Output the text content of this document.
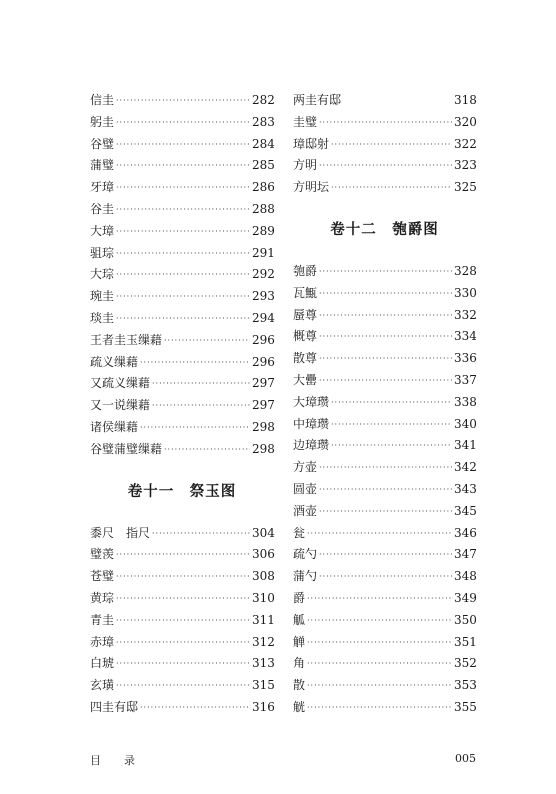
信圭 ·····	282
躬圭 ·····	283
谷璧 ·····	284
蒲璧 ·····	285
牙璋 ·····	286
谷圭 ·····	288
大璋 ·····	289
驵琮 ·····	291
大琮 ·····	292
琬圭 ·····	293
琰圭 ·····	294
王者圭玉缫藉 ·····	296
疏义缫藉 ·····	296
又疏义缫藉 ·····	297
又一说缫藉 ·····	297
诸侯缫藉 ·····	298
谷璧蒲璧缫藉 ·····	298
卷十一　祭玉图
黍尺　指尺 ·····	304
璧羡 ·····	306
苍璧 ·····	308
黄琮 ·····	310
青圭 ·····	311
赤璋 ·····	312
白琥 ·····	313
玄璜 ·····	315
四圭有邸 ·····	316
两圭有邸	318
圭璧 ·····	320
璋邸射 ·····	322
方明 ·····	323
方明坛 ·····	325
卷十二　匏爵图
匏爵 ·····	328
瓦甒 ·····	330
蜃尊 ·····	332
概尊 ·····	334
散尊 ·····	336
大罍 ·····	337
大璋瓒 ·····	338
中璋瓒 ·····	340
边璋瓒 ·····	341
方壶 ·····	342
圆壶 ·····	343
酒壶 ·····	345
瓮 ·····	346
疏勺 ·····	347
蒲勺 ·····	348
爵 ·····	349
觚 ·····	350
觯 ·····	351
角 ·····	352
散 ·····	353
觥 ·····	355
目　录	005
